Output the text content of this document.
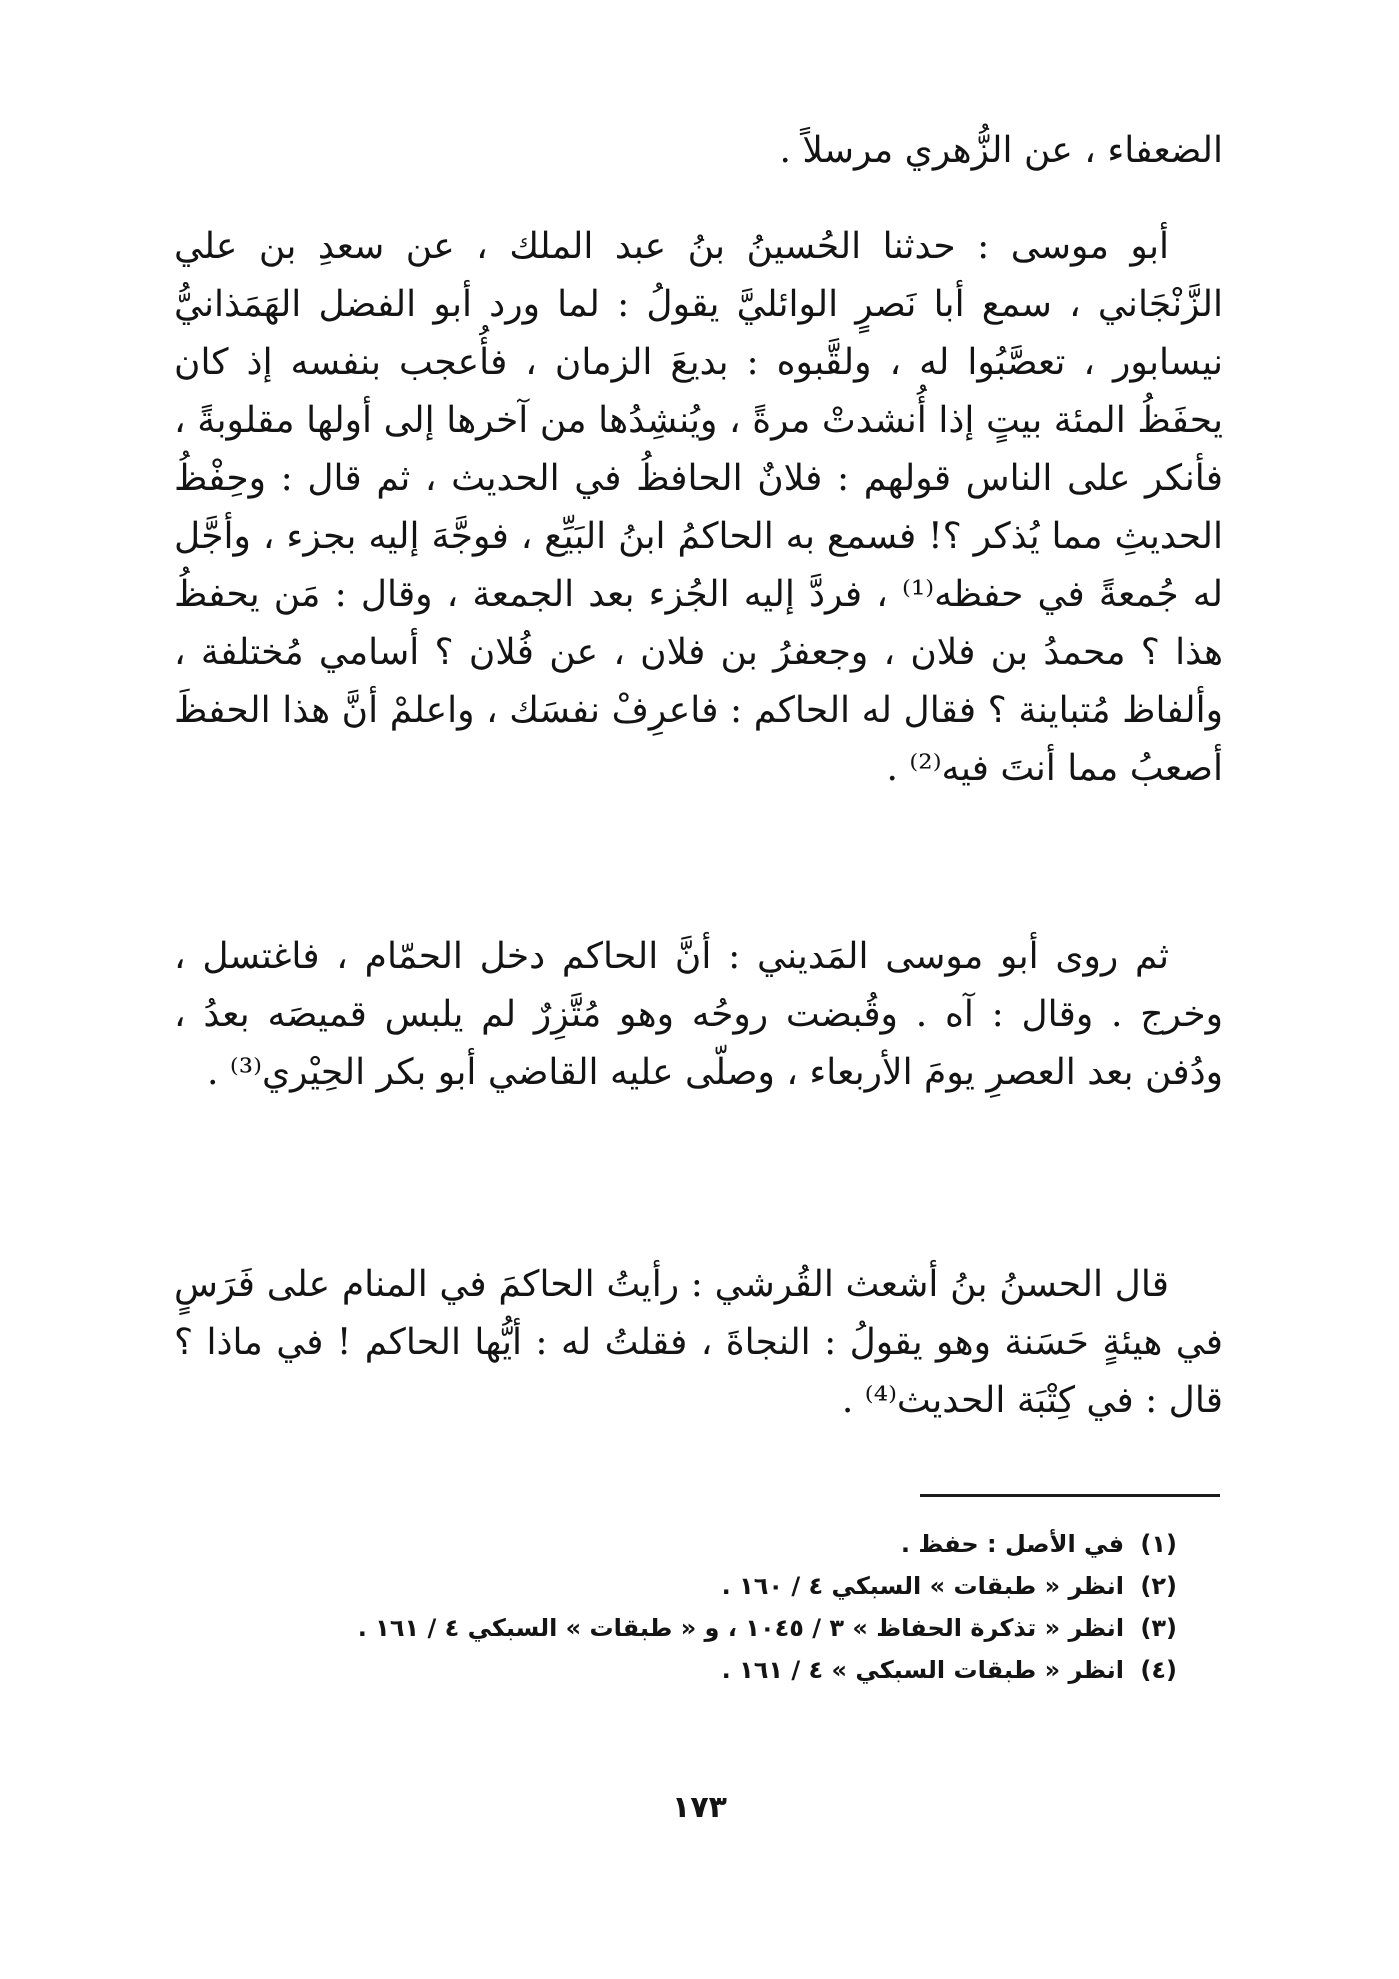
الضعفاء ، عن الزُّهري مرسلاً .

أبو موسى : حدثنا الحُسينُ بنُ عبد الملك ، عن سعدِ بن علي الزَّنْجَاني ، سمع أبا نَصرٍ الوائليَّ يقولُ : لما ورد أبو الفضل الهَمَذانيُّ نيسابور ، تعصَّبُوا له ، ولقَّبوه : بديعَ الزمان ، فأُعجب بنفسه إذ كان يحفَظُ المئة بيتٍ إذا أُنشدتْ مرةً ، ويُنشِدُها من آخرها إلى أولها مقلوبةً ، فأنكر على الناس قولهم : فلانٌ الحافظُ في الحديث ، ثم قال : وحِفْظُ الحديثِ مما يُذكر ؟! فسمع به الحاكمُ ابنُ البَيِّع ، فوجَّهَ إليه بجزء ، وأجَّل له جُمعةً في حفظه⁽¹⁾ ، فردَّ إليه الجُزء بعد الجمعة ، وقال : مَن يحفظُ هذا ؟ محمدُ بن فلان ، وجعفرُ بن فلان ، عن فُلان ؟ أسامي مُختلفة ، وألفاظ مُتباينة ؟ فقال له الحاكم : فاعرِفْ نفسَك ، واعلمْ أنَّ هذا الحفظَ أصعبُ مما أنتَ فيه⁽²⁾ .

ثم روى أبو موسى المَديني : أنَّ الحاكم دخل الحمّام ، فاغتسل ، وخرج . وقال : آه . وقُبضت روحُه وهو مُتَّزِرٌ لم يلبس قميصَه بعدُ ، ودُفن بعد العصرِ يومَ الأربعاء ، وصلّى عليه القاضي أبو بكر الحِيْري⁽³⁾ .

قال الحسنُ بنُ أشعث القُرشي : رأيتُ الحاكمَ في المنام على فَرَسٍ في هيئةٍ حَسَنة وهو يقولُ : النجاةَ ، فقلتُ له : أيُّها الحاكم ! في ماذا ؟ قال : في كِتْبَة الحديث⁽⁴⁾ .

(١) في الأصل : حفظ .

(٢) انظر « طبقات » السبكي ٤ / ١٦٠ .

(٣) انظر « تذكرة الحفاظ » ٣ / ١٠٤٥ ، و « طبقات » السبكي ٤ / ١٦١ .

(٤) انظر « طبقات السبكي » ٤ / ١٦١ .

١٧٣
